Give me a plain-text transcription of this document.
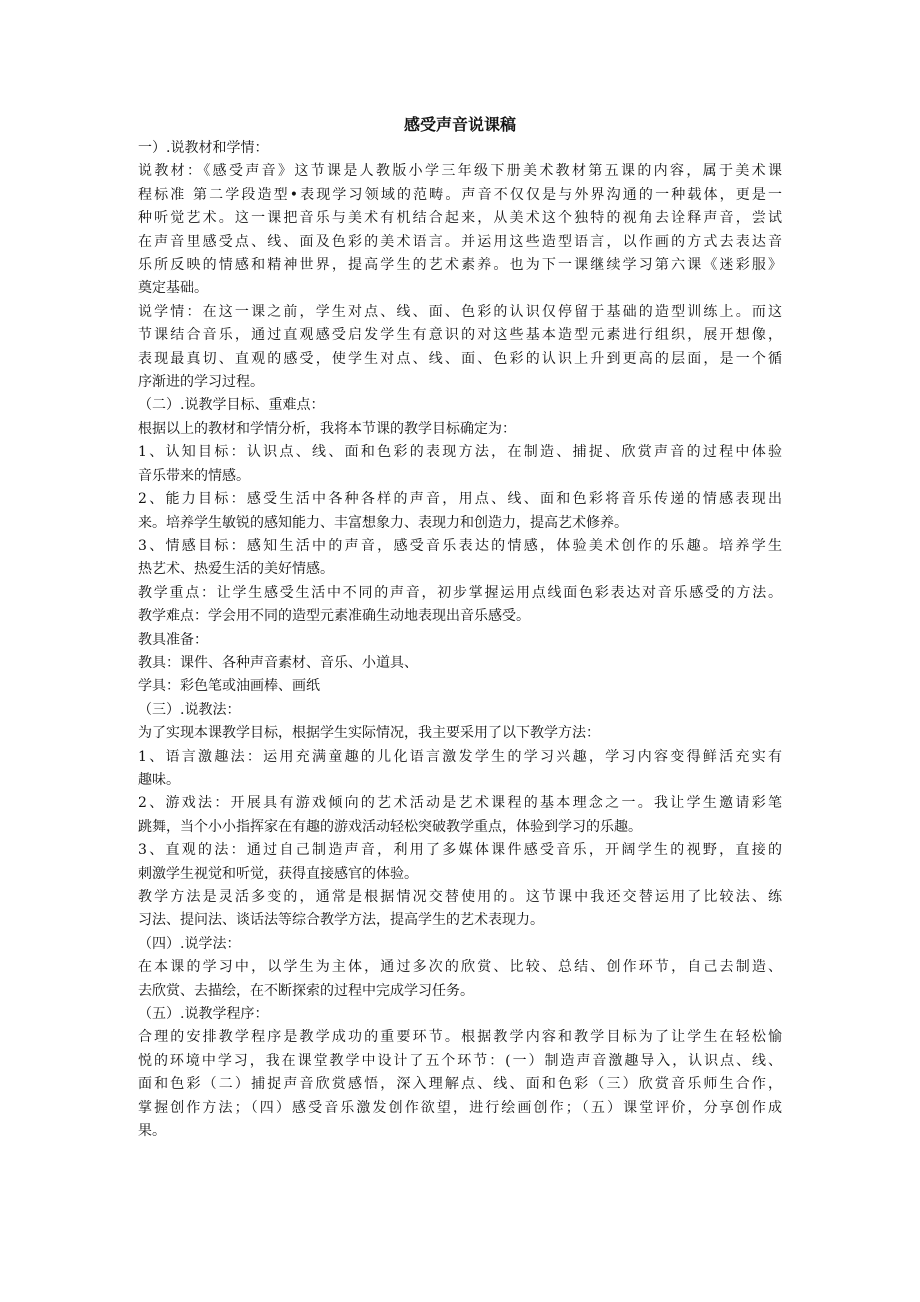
感受声音说课稿

一）.说教材和学情：

说教材：《感受声音》这节课是人教版小学三年级下册美术教材第五课的内容，属于美术课

程标准 第二学段造型•表现学习领域的范畴。声音不仅仅是与外界沟通的一种载体，更是一

种听觉艺术。这一课把音乐与美术有机结合起来，从美术这个独特的视角去诠释声音，尝试

在声音里感受点、线、面及色彩的美术语言。并运用这些造型语言，以作画的方式去表达音

乐所反映的情感和精神世界，提高学生的艺术素养。也为下一课继续学习第六课《迷彩服》

奠定基础。

说学情：在这一课之前，学生对点、线、面、色彩的认识仅停留于基础的造型训练上。而这

节课结合音乐，通过直观感受启发学生有意识的对这些基本造型元素进行组织，展开想像，

表现最真切、直观的感受，使学生对点、线、面、色彩的认识上升到更高的层面，是一个循

序渐进的学习过程。

（二）.说教学目标、重难点：

根据以上的教材和学情分析，我将本节课的教学目标确定为：

1、认知目标：认识点、线、面和色彩的表现方法，在制造、捕捉、欣赏声音的过程中体验

音乐带来的情感。

2、能力目标：感受生活中各种各样的声音，用点、线、面和色彩将音乐传递的情感表现出

来。培养学生敏锐的感知能力、丰富想象力、表现力和创造力，提高艺术修养。

3、情感目标：感知生活中的声音，感受音乐表达的情感，体验美术创作的乐趣。培养学生

热艺术、热爱生活的美好情感。

教学重点：让学生感受生活中不同的声音，初步掌握运用点线面色彩表达对音乐感受的方法。

教学难点：学会用不同的造型元素准确生动地表现出音乐感受。

教具准备：

教具：课件、各种声音素材、音乐、小道具、

学具：彩色笔或油画棒、画纸

（三）.说教法：

为了实现本课教学目标，根据学生实际情况，我主要采用了以下教学方法：

1、语言激趣法：运用充满童趣的儿化语言激发学生的学习兴趣，学习内容变得鲜活充实有

趣味。

2、游戏法：开展具有游戏倾向的艺术活动是艺术课程的基本理念之一。我让学生邀请彩笔

跳舞，当个小小指挥家在有趣的游戏活动轻松突破教学重点，体验到学习的乐趣。

3、直观的法：通过自己制造声音，利用了多媒体课件感受音乐，开阔学生的视野，直接的

刺激学生视觉和听觉，获得直接感官的体验。

教学方法是灵活多变的，通常是根据情况交替使用的。这节课中我还交替运用了比较法、练

习法、提问法、谈话法等综合教学方法，提高学生的艺术表现力。

（四）.说学法：

在本课的学习中，以学生为主体，通过多次的欣赏、比较、总结、创作环节，自己去制造、

去欣赏、去描绘，在不断探索的过程中完成学习任务。

（五）.说教学程序：

合理的安排教学程序是教学成功的重要环节。根据教学内容和教学目标为了让学生在轻松愉

悦的环境中学习，我在课堂教学中设计了五个环节：(一）制造声音激趣导入，认识点、线、

面和色彩（二）捕捉声音欣赏感悟，深入理解点、线、面和色彩（三）欣赏音乐师生合作，

掌握创作方法；（四）感受音乐激发创作欲望，进行绘画创作；（五）课堂评价，分享创作成

果。
